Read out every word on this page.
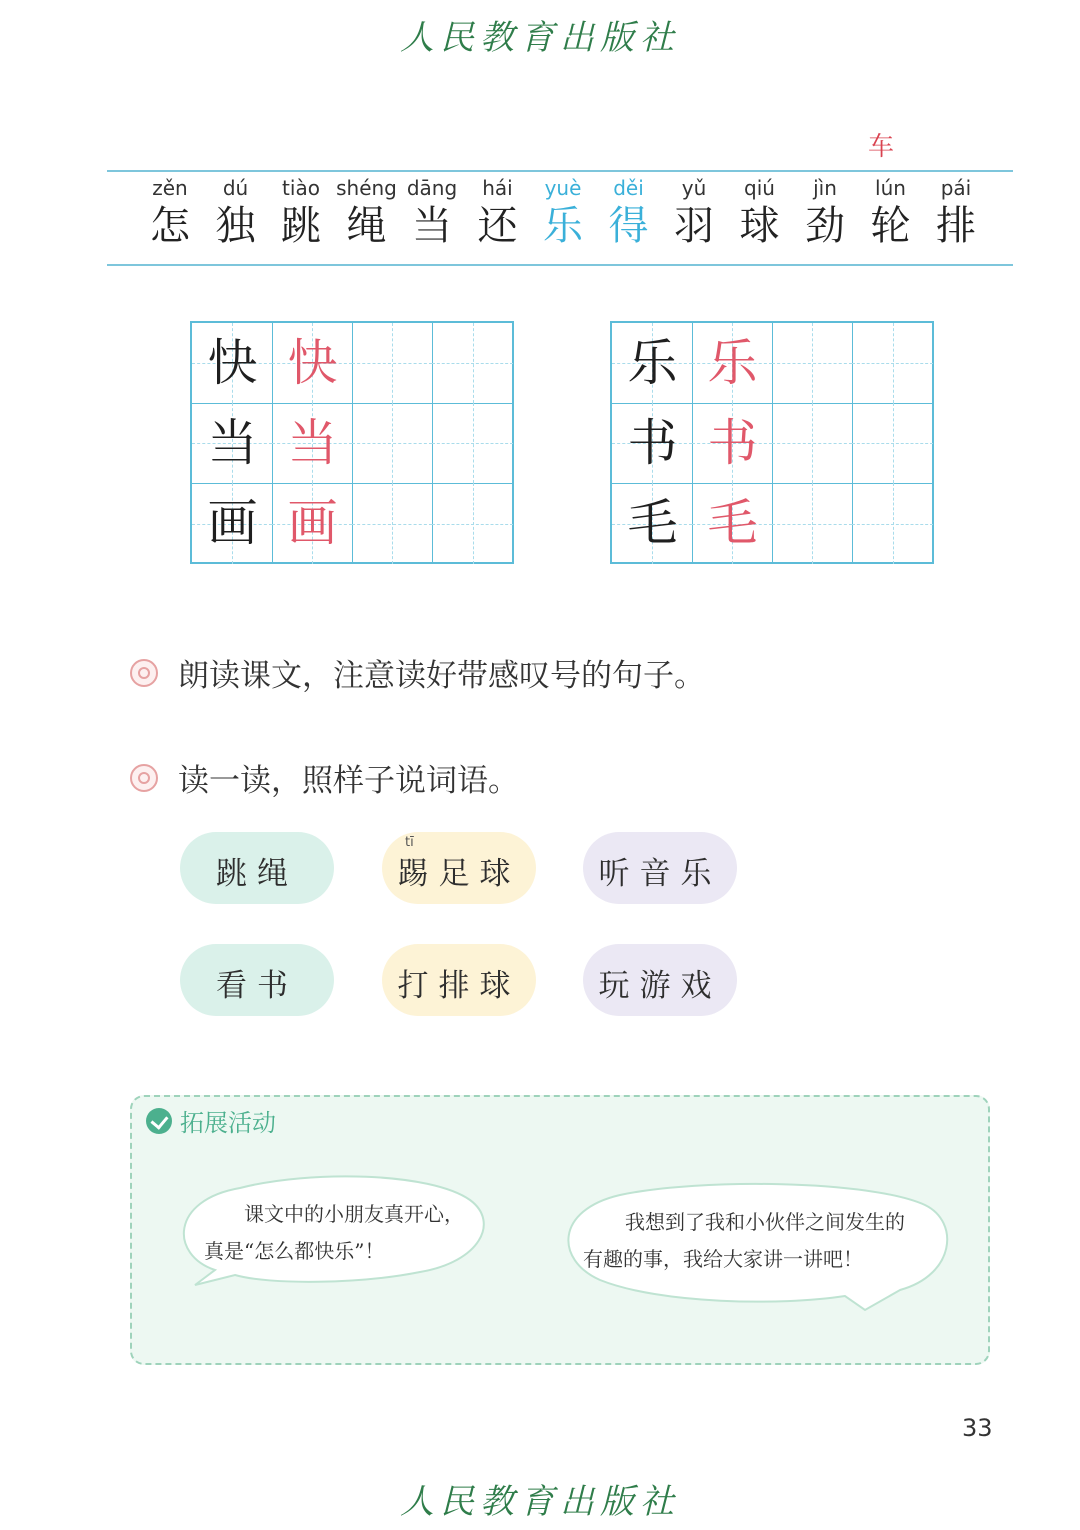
人民教育出版社
车
zěn
怎
dú
独
tiào
跳
shéng
绳
dāng
当
hái
还
yuè
乐
děi
得
yǔ
羽
qiú
球
jìn
劲
lún
轮
pái
排
快 快
当 当
画 画
乐 乐
书 书
毛 毛
朗读课文，注意读好带感叹号的句子。
读一读，照样子说词语。
跳绳	踢足球
tī
听音乐
看书	打排球	玩游戏
拓展活动
课文中的小朋友真开心，
真是“怎么都快乐”！
我想到了我和小伙伴之间发生的
有趣的事，我给大家讲一讲吧！
33
人民教育出版社
